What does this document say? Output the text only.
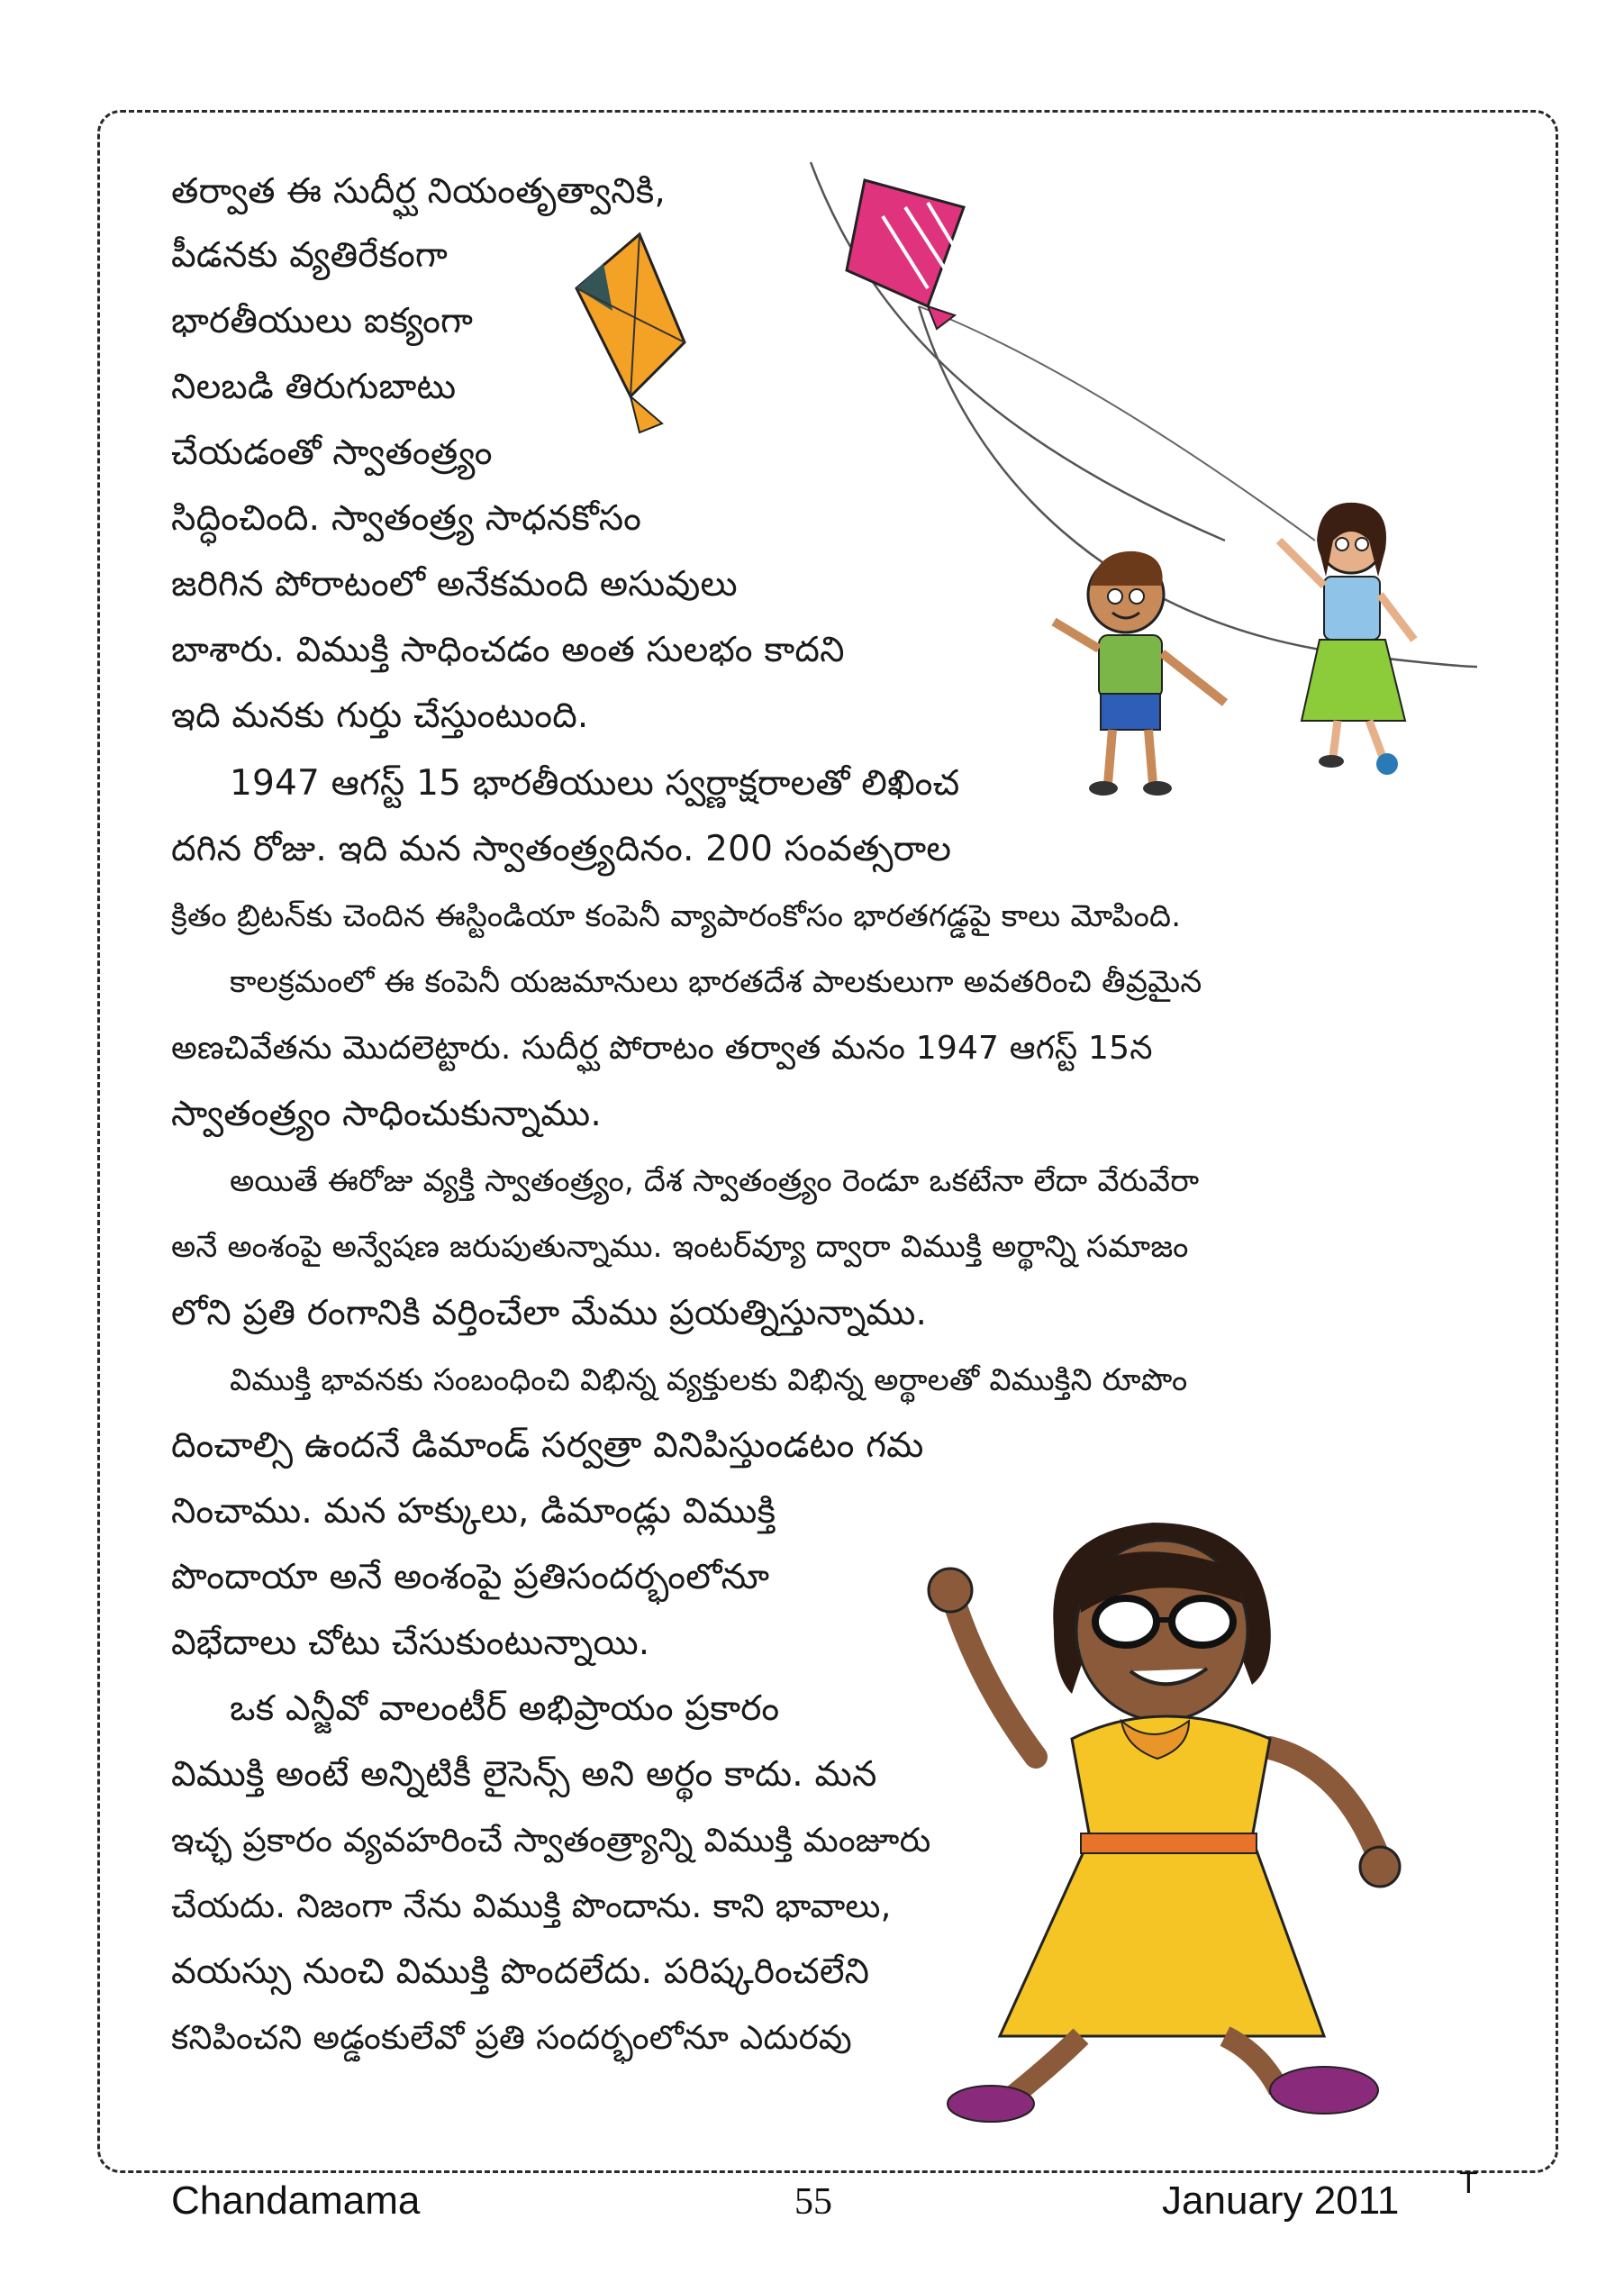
తర్వాత ఈ సుదీర్ఘ నియంతృత్వానికి,
పీడనకు వ్యతిరేకంగా
భారతీయులు ఐక్యంగా
నిలబడి తిరుగుబాటు
చేయడంతో స్వాతంత్ర్యం
సిద్ధించింది. స్వాతంత్ర్య సాధనకోసం
జరిగిన పోరాటంలో అనేకమంది అసువులు
బాశారు. విముక్తి సాధించడం అంత సులభం కాదని
ఇది మనకు గుర్తు చేస్తుంటుంది.
1947 ఆగస్ట్ 15 భారతీయులు స్వర్ణాక్షరాలతో లిఖించ
దగిన రోజు. ఇది మన స్వాతంత్ర్యదినం. 200 సంవత్సరాల
క్రితం బ్రిటన్‌కు చెందిన ఈస్టిండియా కంపెనీ వ్యాపారంకోసం భారతగడ్డపై కాలు మోపింది.
కాలక్రమంలో ఈ కంపెనీ యజమానులు భారతదేశ పాలకులుగా అవతరించి తీవ్రమైన
అణచివేతను మొదలెట్టారు. సుదీర్ఘ పోరాటం తర్వాత మనం 1947 ఆగస్ట్ 15న
స్వాతంత్ర్యం సాధించుకున్నాము.
అయితే ఈరోజు వ్యక్తి స్వాతంత్ర్యం, దేశ స్వాతంత్ర్యం రెండూ ఒకటేనా లేదా వేరువేరా
అనే అంశంపై అన్వేషణ జరుపుతున్నాము. ఇంటర్‌వ్యూ ద్వారా విముక్తి అర్థాన్ని సమాజం
లోని ప్రతి రంగానికి వర్తించేలా మేము ప్రయత్నిస్తున్నాము.
విముక్తి భావనకు సంబంధించి విభిన్న వ్యక్తులకు విభిన్న అర్థాలతో విముక్తిని రూపొం
దించాల్సి ఉందనే డిమాండ్ సర్వత్రా వినిపిస్తుండటం గమ
నించాము. మన హక్కులు, డిమాండ్లు విముక్తి
పొందాయా అనే అంశంపై ప్రతిసందర్భంలోనూ
విభేదాలు చోటు చేసుకుంటున్నాయి.
ఒక ఎన్జీవో వాలంటీర్ అభిప్రాయం ప్రకారం
విముక్తి అంటే అన్నిటికీ లైసెన్స్ అని అర్థం కాదు. మన
ఇచ్ఛ ప్రకారం వ్యవహరించే స్వాతంత్ర్యాన్ని విముక్తి మంజూరు
చేయదు. నిజంగా నేను విముక్తి పొందాను. కాని భావాలు,
వయస్సు నుంచి విముక్తి పొందలేదు. పరిష్కరించలేని
కనిపించని అడ్డంకులేవో ప్రతి సందర్భంలోనూ ఎదురవు
Chandamama	55	January 2011 T
